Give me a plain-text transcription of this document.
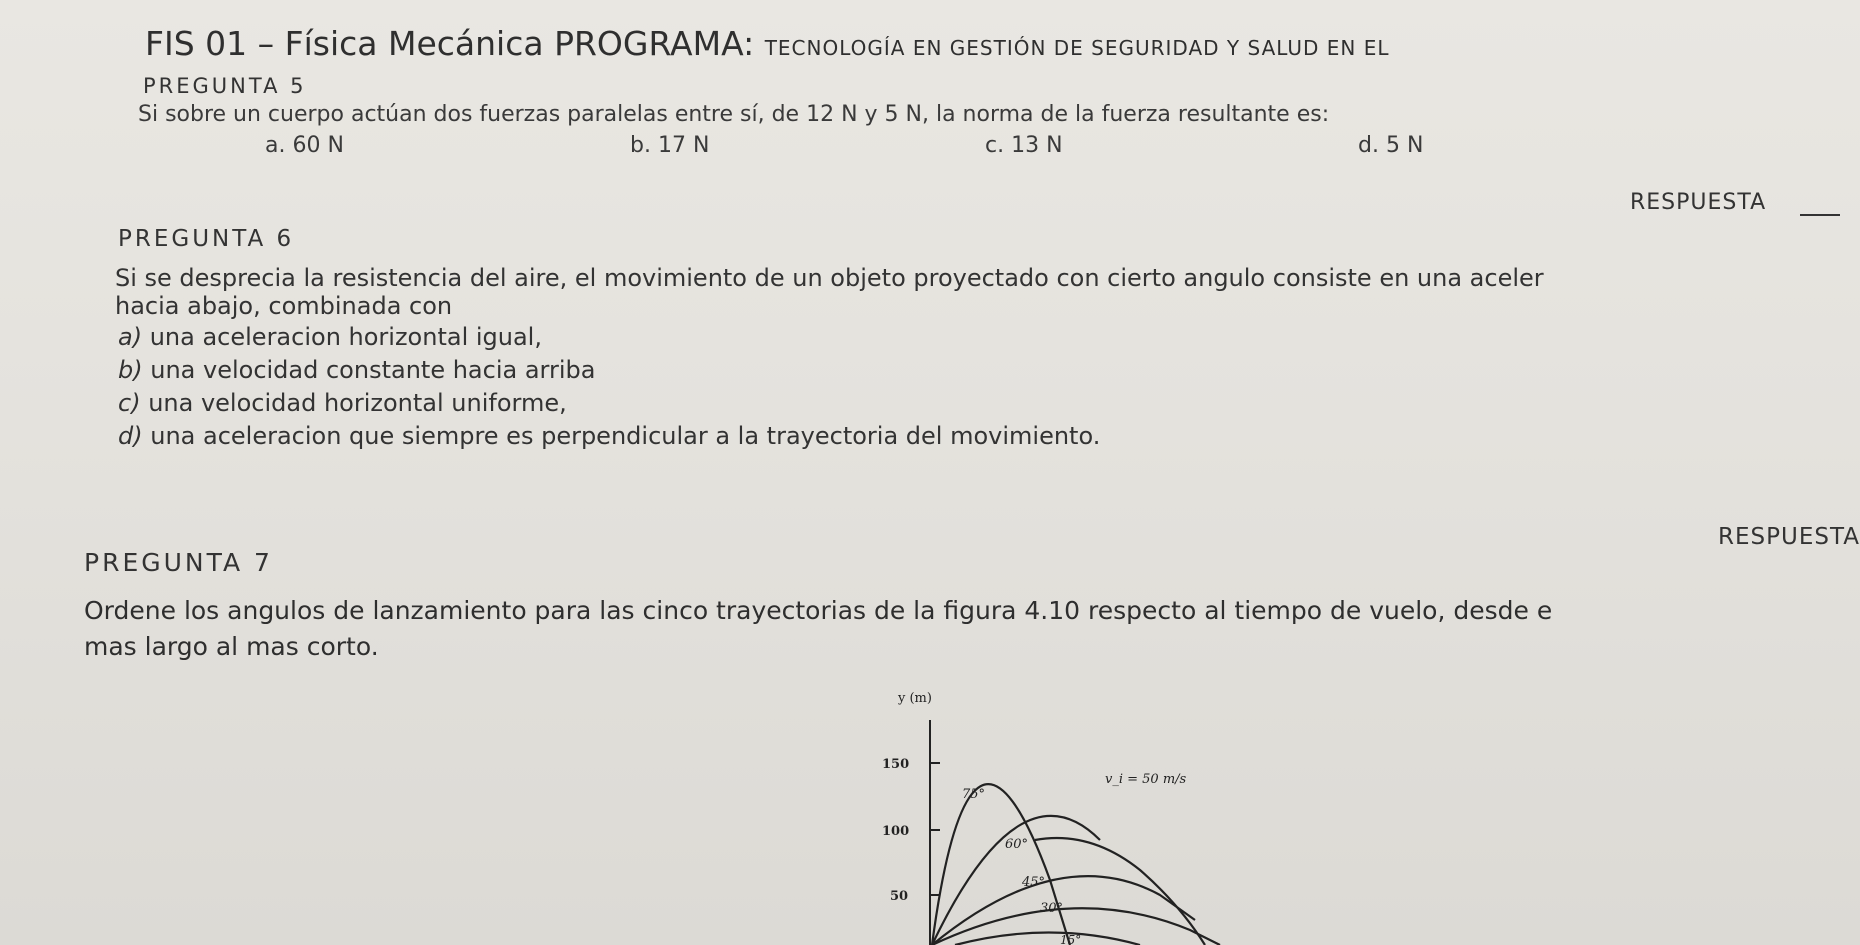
FIS 01 – Física Mecánica PROGRAMA: TECNOLOGÍA EN GESTIÓN DE SEGURIDAD Y SALUD EN EL
PREGUNTA 5
Si sobre un cuerpo actúan dos fuerzas paralelas entre sí, de 12 N y 5 N, la norma de la fuerza resultante es:
a. 60 N	b. 17 N	c. 13 N	d. 5 N
RESPUESTA
PREGUNTA 6
Si se desprecia la resistencia del aire, el movimiento de un objeto proyectado con cierto angulo consiste en una aceler
hacia abajo, combinada con
a) una aceleracion horizontal igual,
b) una velocidad constante hacia arriba
c) una velocidad horizontal uniforme,
d) una aceleracion que siempre es perpendicular a la trayectoria del movimiento.
RESPUESTA
PREGUNTA 7
Ordene los angulos de lanzamiento para las cinco trayectorias de la figura 4.10 respecto al tiempo de vuelo, desde e
mas largo al mas corto.
y (m)
150
100
50
v_i = 50 m/s
75°
60°
45°
30°
15°
